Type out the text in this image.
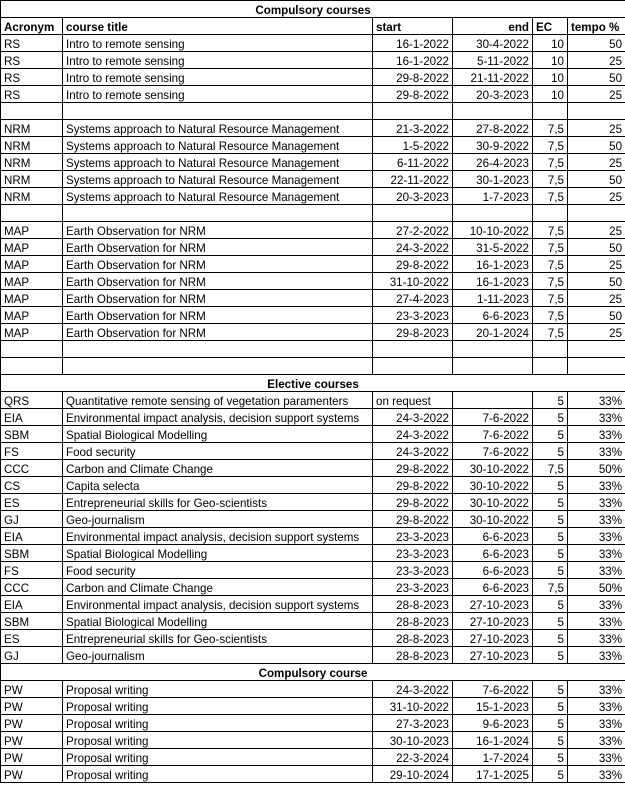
Compulsory courses					
Acronym	course title	start	end	EC	tempo %
RS	Intro to remote sensing	16-1-2022	30-4-2022	10	50
RS	Intro to remote sensing	16-1-2022	5-11-2022	10	25
RS	Intro to remote sensing	29-8-2022	21-11-2022	10	50
RS	Intro to remote sensing	29-8-2022	20-3-2023	10	25

NRM	Systems approach to Natural Resource Management	21-3-2022	27-8-2022	7,5	25
NRM	Systems approach to Natural Resource Management	1-5-2022	30-9-2022	7,5	50
NRM	Systems approach to Natural Resource Management	6-11-2022	26-4-2023	7,5	25
NRM	Systems approach to Natural Resource Management	22-11-2022	30-1-2023	7,5	50
NRM	Systems approach to Natural Resource Management	20-3-2023	1-7-2023	7,5	25

MAP	Earth Observation for NRM	27-2-2022	10-10-2022	7,5	25
MAP	Earth Observation for NRM	24-3-2022	31-5-2022	7,5	50
MAP	Earth Observation for NRM	29-8-2022	16-1-2023	7,5	25
MAP	Earth Observation for NRM	31-10-2022	16-1-2023	7,5	50
MAP	Earth Observation for NRM	27-4-2023	1-11-2023	7,5	25
MAP	Earth Observation for NRM	23-3-2023	6-6-2023	7,5	50
MAP	Earth Observation for NRM	29-8-2023	20-1-2024	7,5	25

Elective courses					
QRS	Quantitative remote sensing of vegetation paramenters	on request		5	33%
EIA	Environmental impact analysis, decision support systems	24-3-2022	7-6-2022	5	33%
SBM	Spatial Biological Modelling	24-3-2022	7-6-2022	5	33%
FS	Food security	24-3-2022	7-6-2022	5	33%
CCC	Carbon and Climate Change	29-8-2022	30-10-2022	7,5	50%
CS	Capita selecta	29-8-2022	30-10-2022	5	33%
ES	Entrepreneurial skills for Geo-scientists	29-8-2022	30-10-2022	5	33%
GJ	Geo-journalism	29-8-2022	30-10-2022	5	33%
EIA	Environmental impact analysis, decision support systems	23-3-2023	6-6-2023	5	33%
SBM	Spatial Biological Modelling	23-3-2023	6-6-2023	5	33%
FS	Food security	23-3-2023	6-6-2023	5	33%
CCC	Carbon and Climate Change	23-3-2023	6-6-2023	7,5	50%
EIA	Environmental impact analysis, decision support systems	28-8-2023	27-10-2023	5	33%
SBM	Spatial Biological Modelling	28-8-2023	27-10-2023	5	33%
ES	Entrepreneurial skills for Geo-scientists	28-8-2023	27-10-2023	5	33%
GJ	Geo-journalism	28-8-2023	27-10-2023	5	33%
Compulsory course					
PW	Proposal writing	24-3-2022	7-6-2022	5	33%
PW	Proposal writing	31-10-2022	15-1-2023	5	33%
PW	Proposal writing	27-3-2023	9-6-2023	5	33%
PW	Proposal writing	30-10-2023	16-1-2024	5	33%
PW	Proposal writing	22-3-2024	1-7-2024	5	33%
PW	Proposal writing	29-10-2024	17-1-2025	5	33%
